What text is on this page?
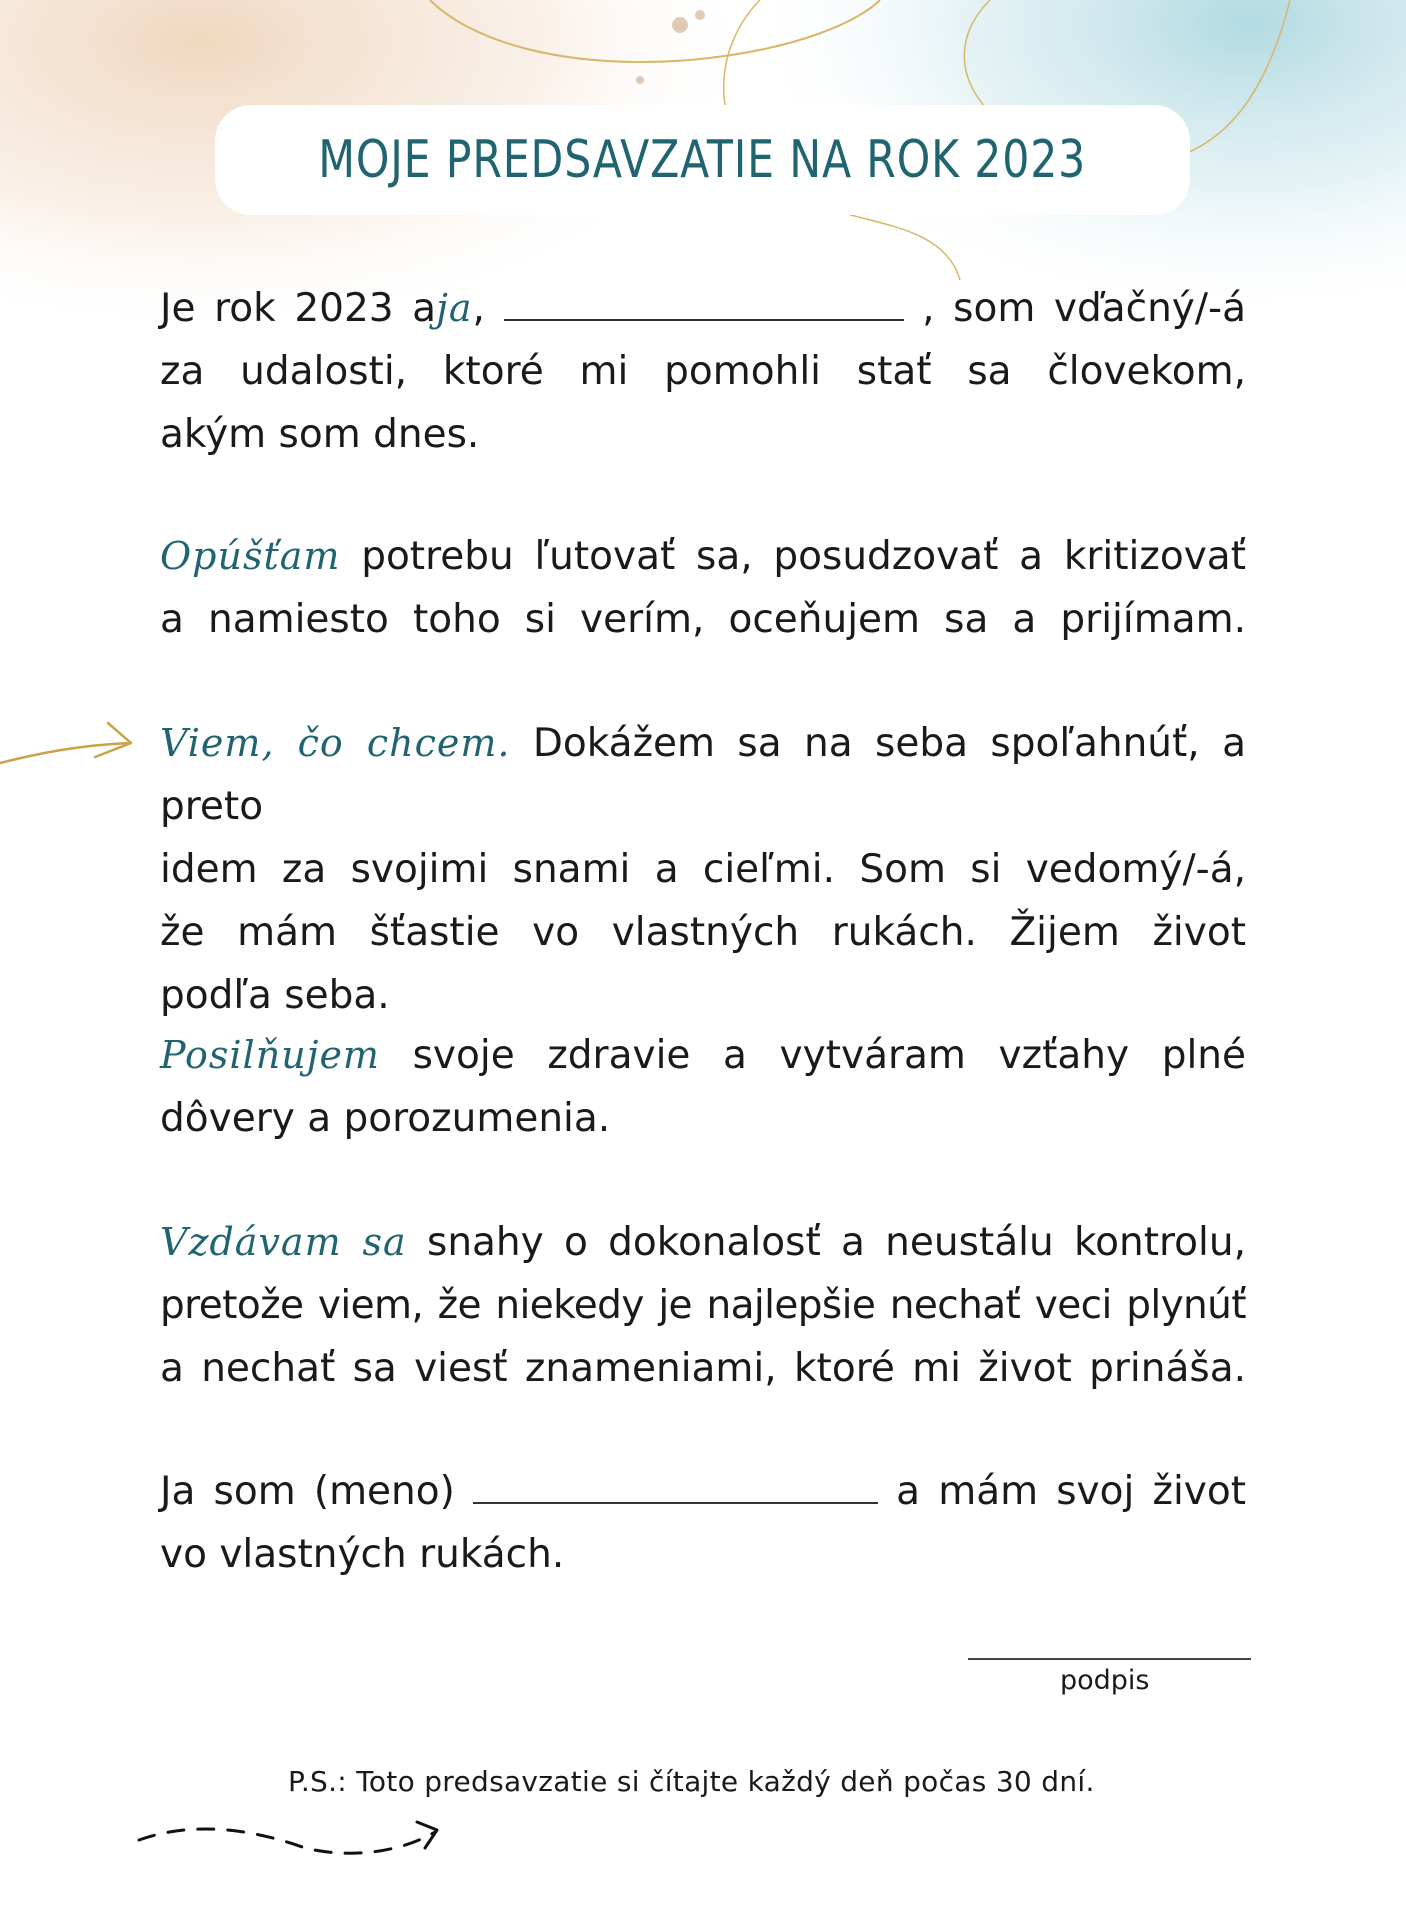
MOJE PREDSAVZATIE NA ROK 2023
Je rok 2023 aja,	, som vďačný/-á
za udalosti, ktoré mi pomohli stať sa človekom,
akým som dnes.
Opúšťam potrebu ľutovať sa, posudzovať a kritizovať
a namiesto toho si verím, oceňujem sa a prijímam.
Viem, čo chcem. Dokážem sa na seba spoľahnúť, a preto
idem za svojimi snami a cieľmi. Som si vedomý/-á,
že mám šťastie vo vlastných rukách. Žijem život
podľa seba.
Posilňujem svoje zdravie a vytváram vzťahy plné
dôvery a porozumenia.
Vzdávam sa snahy o dokonalosť a neustálu kontrolu,
pretože viem, že niekedy je najlepšie nechať veci plynúť
a nechať sa viesť znameniami, ktoré mi život prináša.
Ja som (meno)	a mám svoj život
vo vlastných rukách.
podpis
P.S.: Toto predsavzatie si čítajte každý deň počas 30 dní.
